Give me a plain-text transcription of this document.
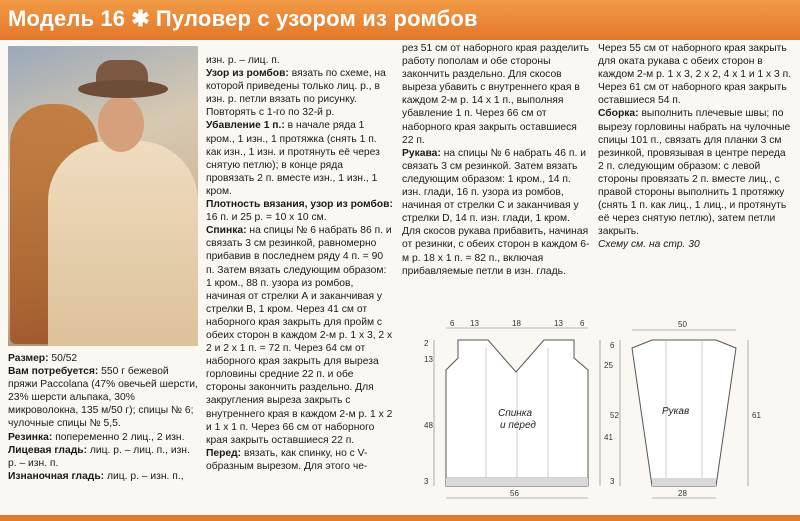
Модель 16 ✱ Пуловер с узором из ромбов

Размер: 50/52

Вам потребуется: 550 г бежевой пряжи Paccolana (47% овечьей шерсти, 23% шерсти альпака, 30% микроволокна, 135 м/50 г); спицы № 6; чулочные спицы № 5,5.

Резинка: попеременно 2 лиц., 2 изн.

Лицевая гладь: лиц. р. – лиц. п., изн. р. – изн. п.

Изнаночная гладь: лиц. р. – изн. п.,

изн. р. – лиц. п.

Узор из ромбов: вязать по схеме, на которой приведены только лиц. р., в изн. р. петли вязать по рисунку. Повторять с 1-го по 32-й р.

Убавление 1 п.: в начале ряда 1 кром., 1 изн., 1 протяжка (снять 1 п. как изн., 1 изн. и протянуть её через снятую петлю); в конце ряда провязать 2 п. вместе изн., 1 изн., 1 кром.

Плотность вязания, узор из ромбов: 16 п. и 25 р. = 10 х 10 см.

Спинка: на спицы № 6 набрать 86 п. и связать 3 см резинкой, равномерно прибавив в последнем ряду 4 п. = 90 п. Затем вязать следующим образом: 1 кром., 88 п. узора из ромбов, начиная от стрелки А и заканчивая у стрелки В, 1 кром. Через 41 см от наборного края закрыть для пройм с обеих сторон в каждом 2-м р. 1 х 3, 2 х 2 и 2 х 1 п. = 72 п. Через 64 см от наборного края закрыть для выреза горловины средние 22 п. и обе стороны закончить раздельно. Для закругления выреза закрыть с внутреннего края в каждом 2-м р. 1 х 2 и 1 х 1 п. Через 66 см от наборного края закрыть оставшиеся 22 п.

Перед: вязать, как спинку, но с V-образным вырезом. Для этого че-

рез 51 см от наборного края разделить работу пополам и обе стороны закончить раздельно. Для скосов выреза убавить с внутреннего края в каждом 2-м р. 14 х 1 п., выполняя убавление 1 п. Через 66 см от наборного края закрыть оставшиеся 22 п.

Рукава: на спицы № 6 набрать 46 п. и связать 3 см резинкой. Затем вязать следующим образом: 1 кром., 14 п. изн. глади, 16 п. узора из ромбов, начиная от стрелки С и заканчивая у стрелки D, 14 п. изн. глади, 1 кром. Для скосов рукава прибавить, начиная от резинки, с обеих сторон в каждом 6-м р. 18 х 1 п. = 82 п., включая прибавляемые петли в изн. гладь.

Через 55 см от наборного края закрыть для оката рукава с обеих сторон в каждом 2-м р. 1 х 3, 2 х 2, 4 х 1 и 1 х 3 п. Через 61 см от наборного края закрыть оставшиеся 54 п.

Сборка: выполнить плечевые швы; по вырезу горловины набрать на чулочные спицы 101 п., связать для планки 3 см резинкой, провязывая в центре переда 2 п. следующим образом: с левой стороны провязать 2 п. вместе лиц., с правой стороны выполнить 1 протяжку (снять 1 п. как лиц., 1 лиц., и протянуть её через снятую петлю), затем петли закрыть.

Схему см. на стр. 30

Спинка
и перед
6 13	18	13 6
56
2
13
48
3
25
41
Рукав
50
28
6
52
3
61
